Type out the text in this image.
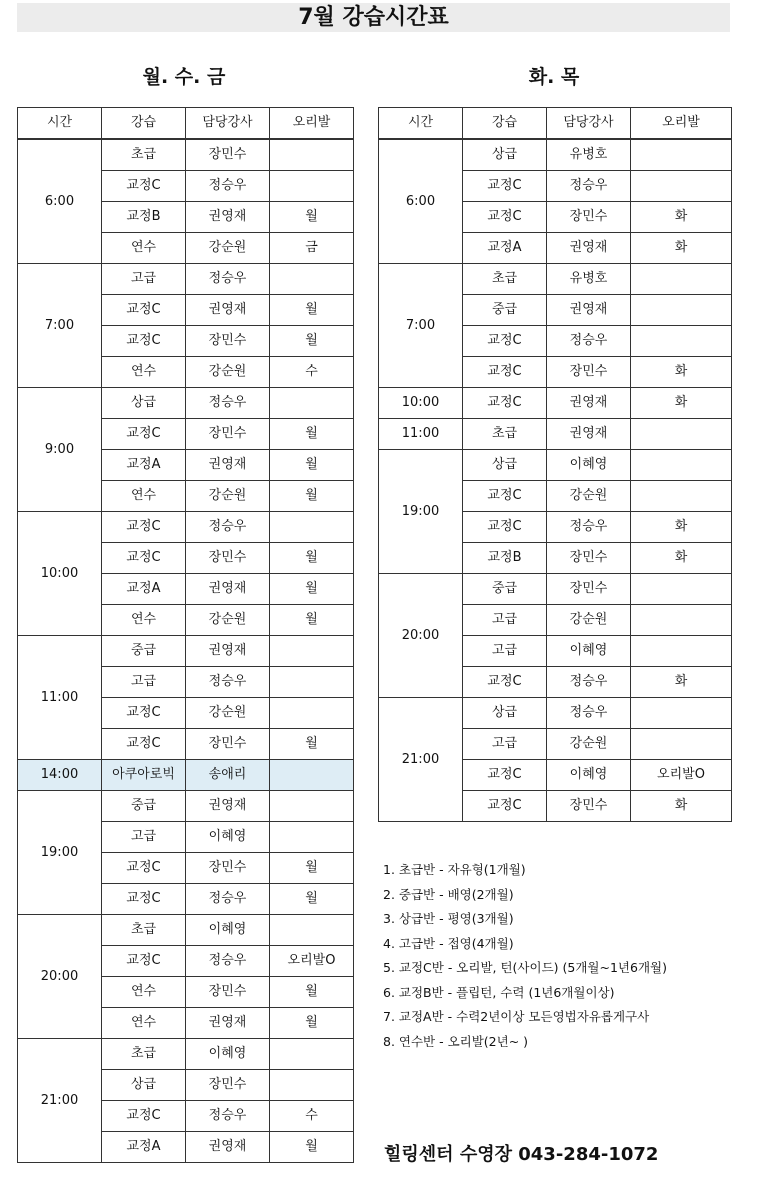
7월 강습시간표
월. 수. 금	화. 목
시간	강습	담당강사	오리발
6:00	초급	장민수	
	교정C	정승우	
	교정B	권영재	월
	연수	강순원	금
7:00	고급	정승우	
	교정C	권영재	월
	교정C	장민수	월
	연수	강순원	수
9:00	상급	정승우	
	교정C	장민수	월
	교정A	권영재	월
	연수	강순원	월
10:00	교정C	정승우	
	교정C	장민수	월
	교정A	권영재	월
	연수	강순원	월
11:00	중급	권영재	
	고급	정승우	
	교정C	강순원	
	교정C	장민수	월
14:00	아쿠아로빅	송애리	
19:00	중급	권영재	
	고급	이혜영	
	교정C	장민수	월
	교정C	정승우	월
20:00	초급	이혜영	
	교정C	정승우	오리발O
	연수	장민수	월
	연수	권영재	월
21:00	초급	이혜영	
	상급	장민수	
	교정C	정승우	수
	교정A	권영재	월
시간	강습	담당강사	오리발
6:00	상급	유병호	
	교정C	정승우	
	교정C	장민수	화
	교정A	권영재	화
7:00	초급	유병호	
	중급	권영재	
	교정C	정승우	
	교정C	장민수	화
10:00	교정C	권영재	화
11:00	초급	권영재	
19:00	상급	이혜영	
	교정C	강순원	
	교정C	정승우	화
	교정B	장민수	화
20:00	중급	장민수	
	고급	강순원	
	고급	이혜영	
	교정C	정승우	화
21:00	상급	정승우	
	고급	강순원	
	교정C	이혜영	오리발O
	교정C	장민수	화
1. 초급반 - 자유형(1개월)
2. 중급반 - 배영(2개월)
3. 상급반 - 평영(3개월)
4. 고급반 - 접영(4개월)
5. 교정C반 - 오리발, 턴(사이드) (5개월~1년6개월)
6. 교정B반 - 플립턴, 수력 (1년6개월이상)
7. 교정A반 - 수력2년이상 모든영법자유롭게구사
8. 연수반 - 오리발(2년~ )
힐링센터 수영장 043-284-1072
